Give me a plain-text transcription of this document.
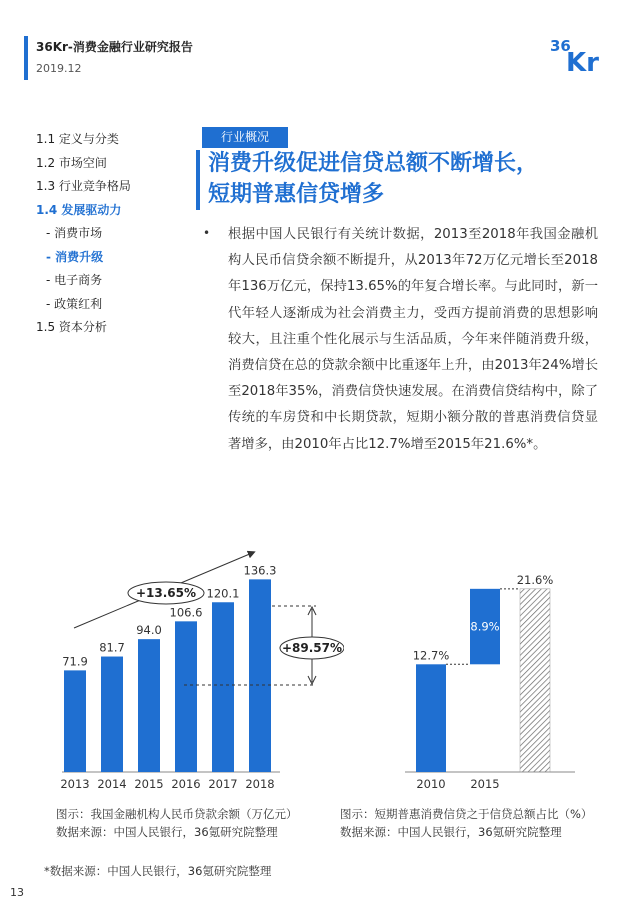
36Kr-消费金融行业研究报告
2019.12
36
Kr
1.1 定义与分类
1.2 市场空间
1.3 行业竞争格局
1.4 发展驱动力
- 消费市场
- 消费升级
- 电子商务
- 政策红利
1.5 资本分析
行业概况
消费升级促进信贷总额不断增长，
短期普惠信贷增多
• 根据中国人民银行有关统计数据，2013至2018年我国金融机构人民币信贷余额不断提升，从2013年72万亿元增长至2018年136万亿元，保持13.65%的年复合增长率。与此同时，新一代年轻人逐渐成为社会消费主力，受西方提前消费的思想影响较大，且注重个性化展示与生活品质，今年来伴随消费升级，消费信贷在总的贷款余额中比重逐年上升，由2013年24%增长至2018年35%，消费信贷快速发展。在消费信贷结构中，除了传统的车房贷和中长期贷款，短期小额分散的普惠消费信贷显著增多，由2010年占比12.7%增至2015年21.6%*。
71.9
81.7
94.0
106.6
120.1
136.3
2013 2014 2015 2016 2017 2018
+13.65%
+89.57%
12.7%
8.9%
21.6%
2010 2015
图示：我国金融机构人民币贷款余额（万亿元）
数据来源：中国人民银行，36氪研究院整理
图示：短期普惠消费信贷之于信贷总额占比（%）
数据来源：中国人民银行，36氪研究院整理
*数据来源：中国人民银行，36氪研究院整理
13
